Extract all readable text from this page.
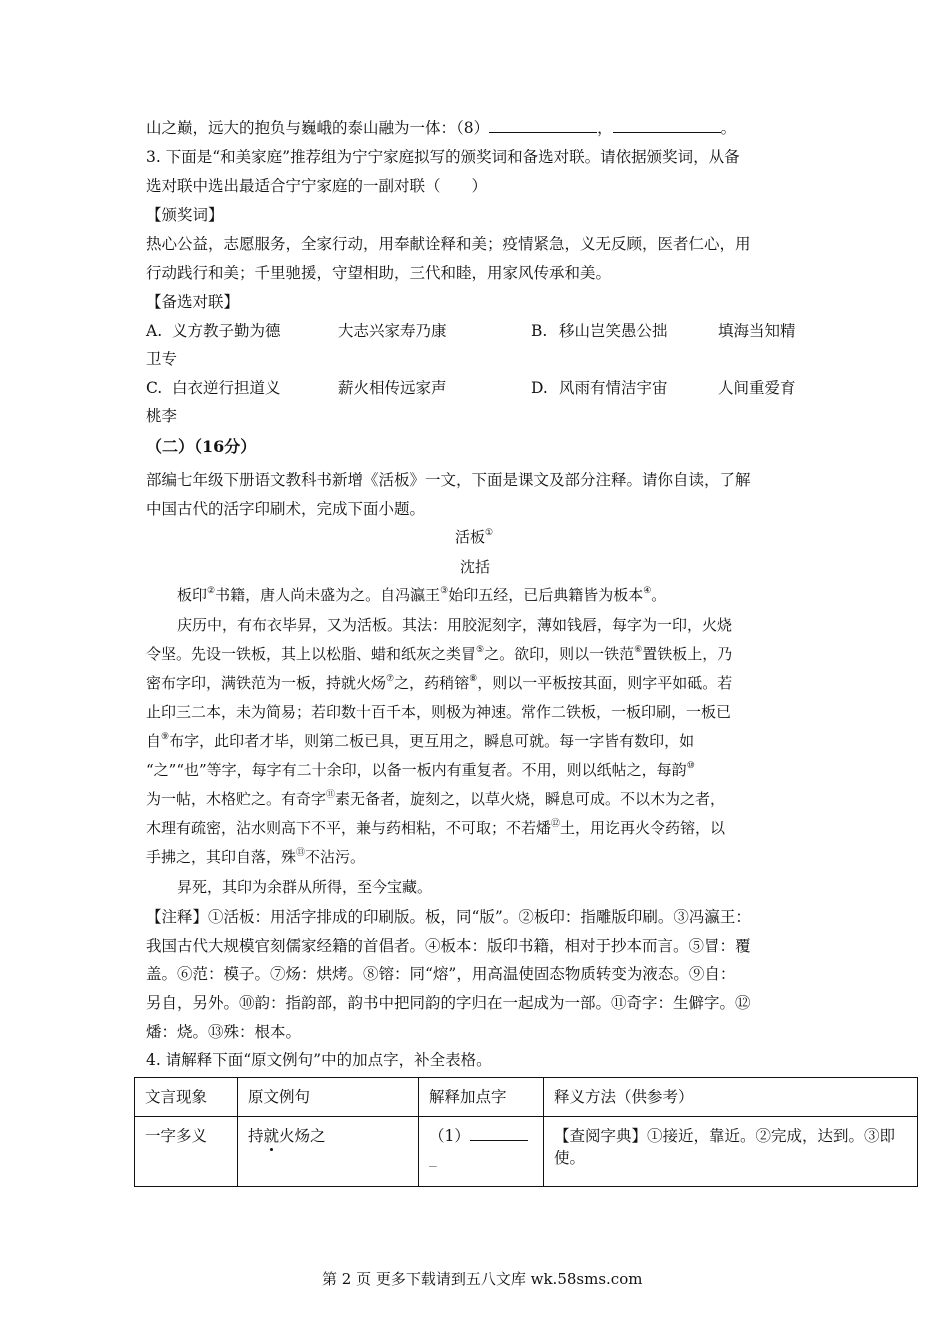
山之巅，远大的抱负与巍峨的泰山融为一体：（8）	，	。
3. 下面是“和美家庭”推荐组为宁宁家庭拟写的颁奖词和备选对联。请依据颁奖词，从备
选对联中选出最适合宁宁家庭的一副对联（　　）
【颁奖词】
热心公益，志愿服务，全家行动，用奉献诠释和美；疫情紧急，义无反顾，医者仁心，用
行动践行和美；千里驰援，守望相助，三代和睦，用家风传承和美。
【备选对联】
A. 义方教子勤为德	大志兴家寿乃康	B. 移山岂笑愚公拙	填海当知精
卫专
C. 白衣逆行担道义	薪火相传远家声	D. 风雨有情洁宇宙	人间重爱育
桃李
（二）（16分）
部编七年级下册语文教科书新增《活板》一文，下面是课文及部分注释。请你自读，了解
中国古代的活字印刷术，完成下面小题。
活板①
沈括
板印②书籍，唐人尚未盛为之。自冯瀛王③始印五经，已后典籍皆为板本④。
庆历中，有布衣毕昇，又为活板。其法：用胶泥刻字，薄如钱唇，每字为一印，火烧
令坚。先设一铁板，其上以松脂、蜡和纸灰之类冒⑤之。欲印，则以一铁范⑥置铁板上，乃
密布字印，满铁范为一板，持就火炀⑦之，药稍镕⑧，则以一平板按其面，则字平如砥。若
止印三二本，未为简易；若印数十百千本，则极为神速。常作二铁板，一板印刷，一板已
自⑨布字，此印者才毕，则第二板已具，更互用之，瞬息可就。每一字皆有数印，如
“之”“也”等字，每字有二十余印，以备一板内有重复者。不用，则以纸帖之，每韵⑩
为一帖，木格贮之。有奇字⑪素无备者，旋刻之，以草火烧，瞬息可成。不以木为之者，
木理有疏密，沾水则高下不平，兼与药相粘，不可取；不若燔⑫土，用讫再火令药镕，以
手拂之，其印自落，殊⑬不沾污。
昇死，其印为余群从所得，至今宝藏。
【注释】①活板：用活字排成的印刷版。板，同“版”。②板印：指雕版印刷。③冯瀛王：
我国古代大规模官刻儒家经籍的首倡者。④板本：版印书籍，相对于抄本而言。⑤冒：覆
盖。⑥范：模子。⑦炀：烘烤。⑧镕：同“熔”，用高温使固态物质转变为液态。⑨自：
另自，另外。⑩韵：指韵部，韵书中把同韵的字归在一起成为一部。⑪奇字：生僻字。⑫
燔：烧。⑬殊：根本。
4. 请解释下面“原文例句”中的加点字，补全表格。
文言现象	原文例句	解释加点字	释义方法（供参考）
一字多义	持就火炀之	（1）
_	【查阅字典】①接近，靠近。②完成，达到。③即
使。
第 2 页 更多下载请到五八文库 wk.58sms.com
